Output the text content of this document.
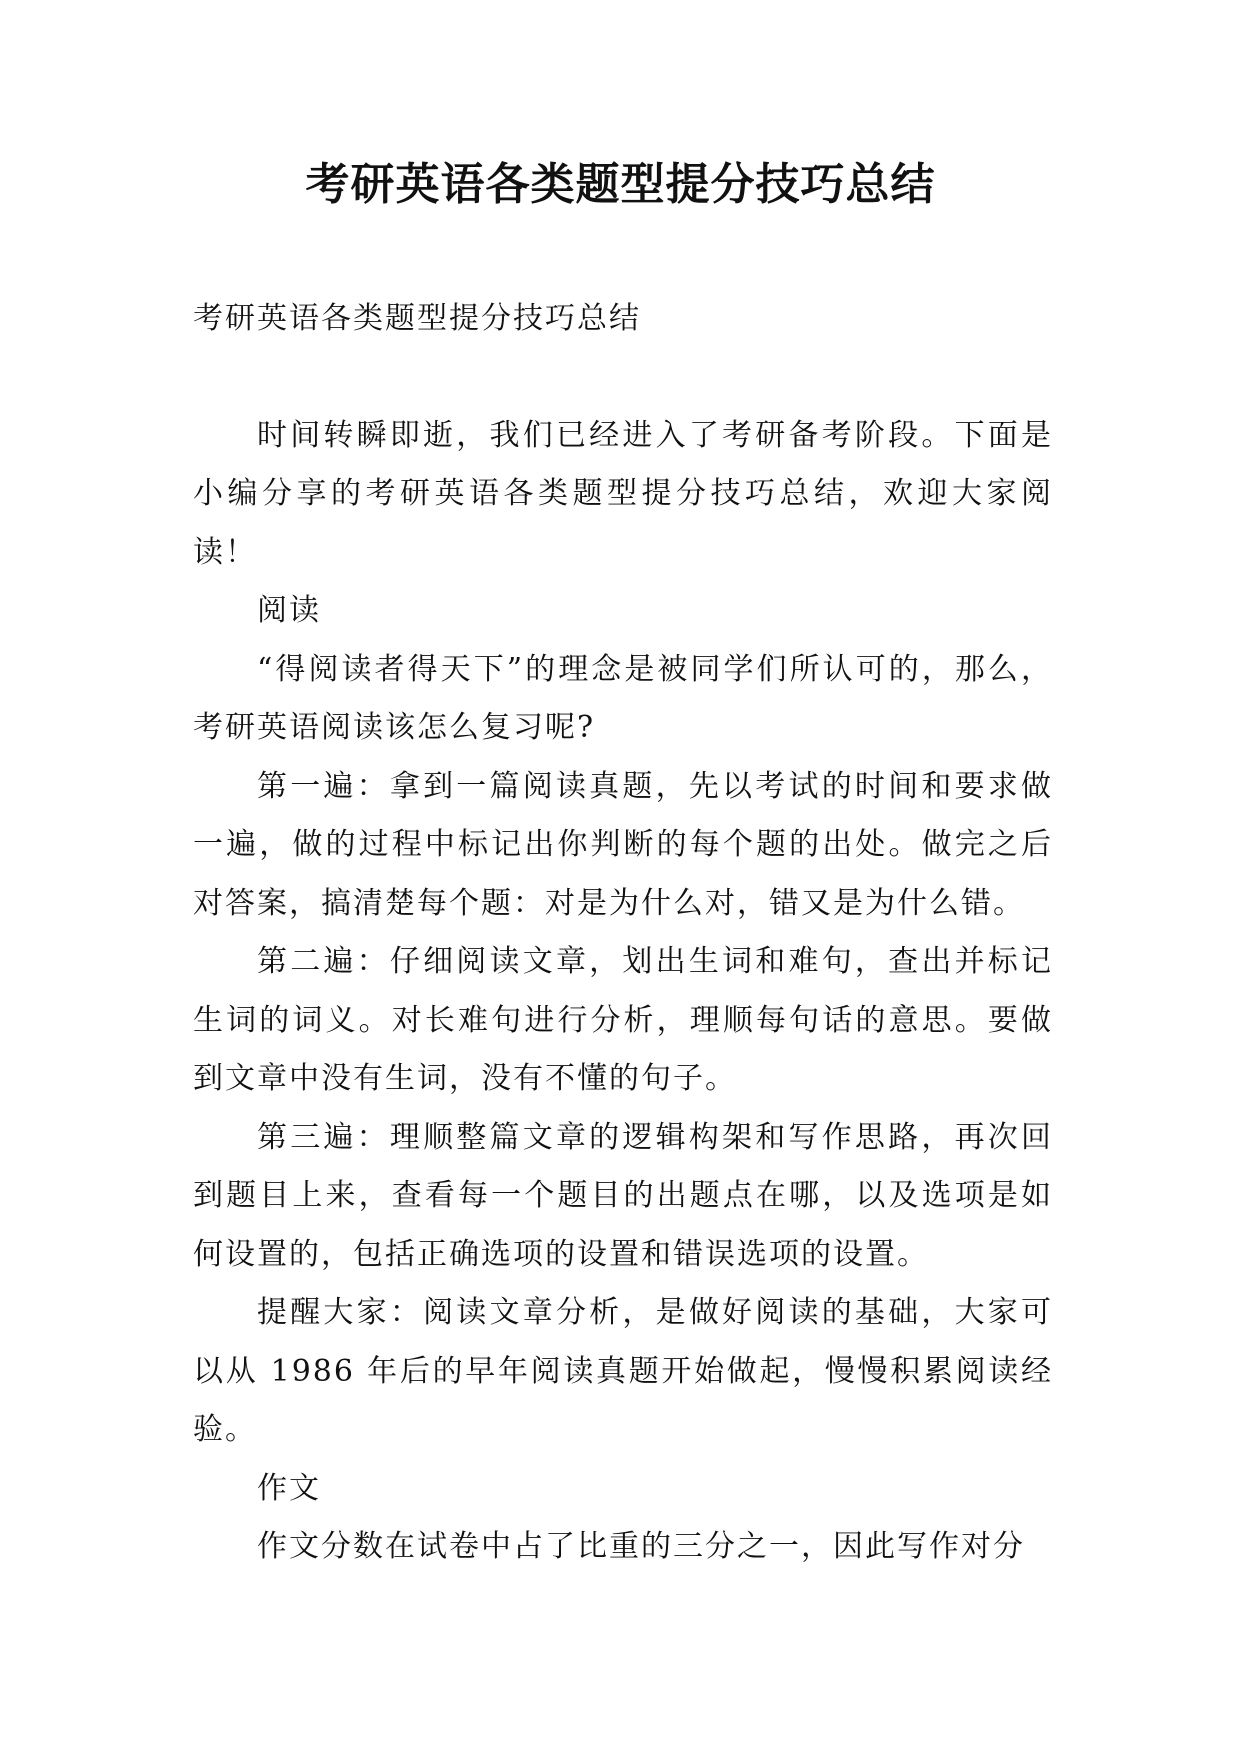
考研英语各类题型提分技巧总结

考研英语各类题型提分技巧总结

时间转瞬即逝，我们已经进入了考研备考阶段。下面是小编分享的考研英语各类题型提分技巧总结，欢迎大家阅读！

阅读

“得阅读者得天下”的理念是被同学们所认可的，那么，考研英语阅读该怎么复习呢?

第一遍：拿到一篇阅读真题，先以考试的时间和要求做一遍，做的过程中标记出你判断的每个题的出处。做完之后对答案，搞清楚每个题：对是为什么对，错又是为什么错。

第二遍：仔细阅读文章，划出生词和难句，查出并标记生词的词义。对长难句进行分析，理顺每句话的意思。要做到文章中没有生词，没有不懂的句子。

第三遍：理顺整篇文章的逻辑构架和写作思路，再次回到题目上来，查看每一个题目的出题点在哪，以及选项是如何设置的，包括正确选项的设置和错误选项的设置。

提醒大家：阅读文章分析，是做好阅读的基础，大家可以从 1986 年后的早年阅读真题开始做起，慢慢积累阅读经验。

作文

作文分数在试卷中占了比重的三分之一，因此写作对分
